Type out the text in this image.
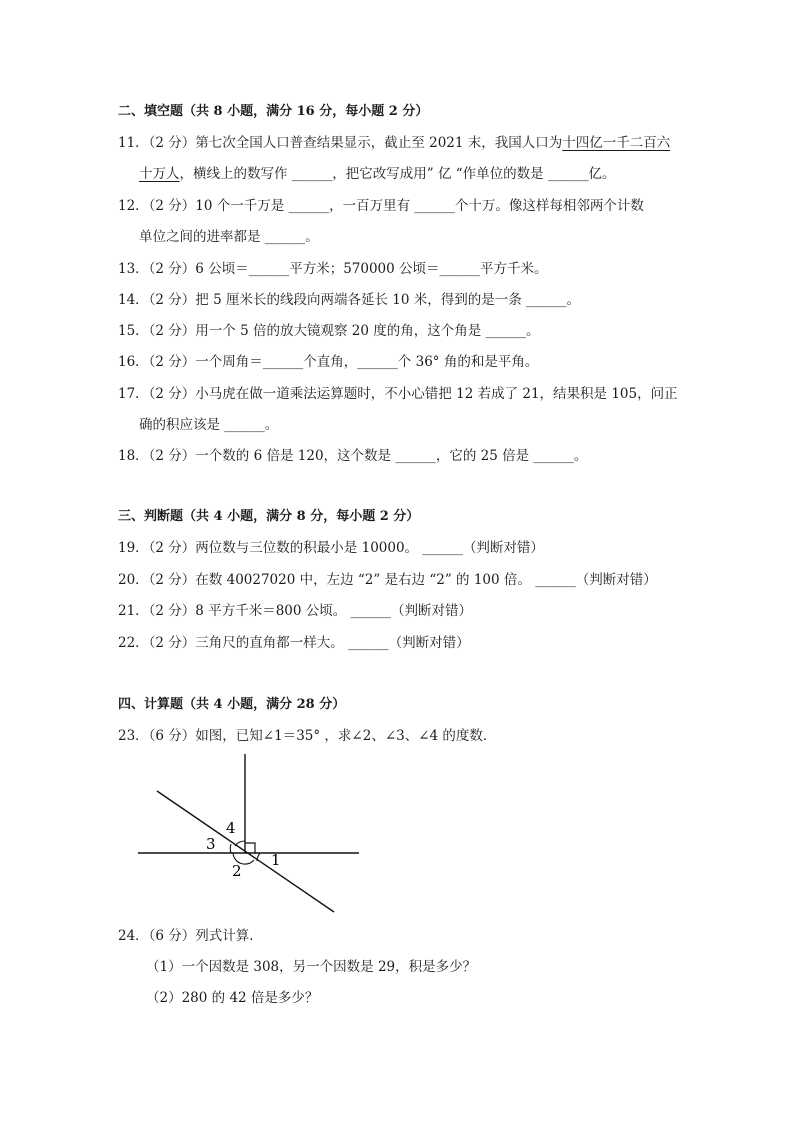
二、填空题（共 8 小题，满分 16 分，每小题 2 分）
11．（2 分）第七次全国人口普查结果显示，截止至 2021 末，我国人口为十四亿一千二百六
十万人，横线上的数写作 ______，把它改写成用” 亿 “作单位的数是 ______亿。
12．（2 分）10 个一千万是 ______，一百万里有 ______个十万。像这样每相邻两个计数
单位之间的进率都是 ______。
13．（2 分）6 公顷＝______平方米；570000 公顷＝______平方千米。
14．（2 分）把 5 厘米长的线段向两端各延长 10 米，得到的是一条 ______。
15．（2 分）用一个 5 倍的放大镜观察 20 度的角，这个角是 ______。
16．（2 分）一个周角＝______个直角，______个 36° 角的和是平角。
17．（2 分）小马虎在做一道乘法运算题时，不小心错把 12 若成了 21，结果积是 105，问正
确的积应该是 ______。
18．（2 分）一个数的 6 倍是 120，这个数是 ______，它的 25 倍是 ______。
三、判断题（共 4 小题，满分 8 分，每小题 2 分）
19．（2 分）两位数与三位数的积最小是 10000。 ______（判断对错）
20．（2 分）在数 40027020 中，左边 “2” 是右边 “2” 的 100 倍。 ______（判断对错）
21．（2 分）8 平方千米＝800 公顷。 ______（判断对错）
22．（2 分）三角尺的直角都一样大。 ______（判断对错）
四、计算题（共 4 小题，满分 28 分）
23．（6 分）如图，已知∠1＝35° ，求∠2、∠3、∠4 的度数．
1
2
3
4
24．（6 分）列式计算．
（1）一个因数是 308，另一个因数是 29，积是多少？
（2）280 的 42 倍是多少？
